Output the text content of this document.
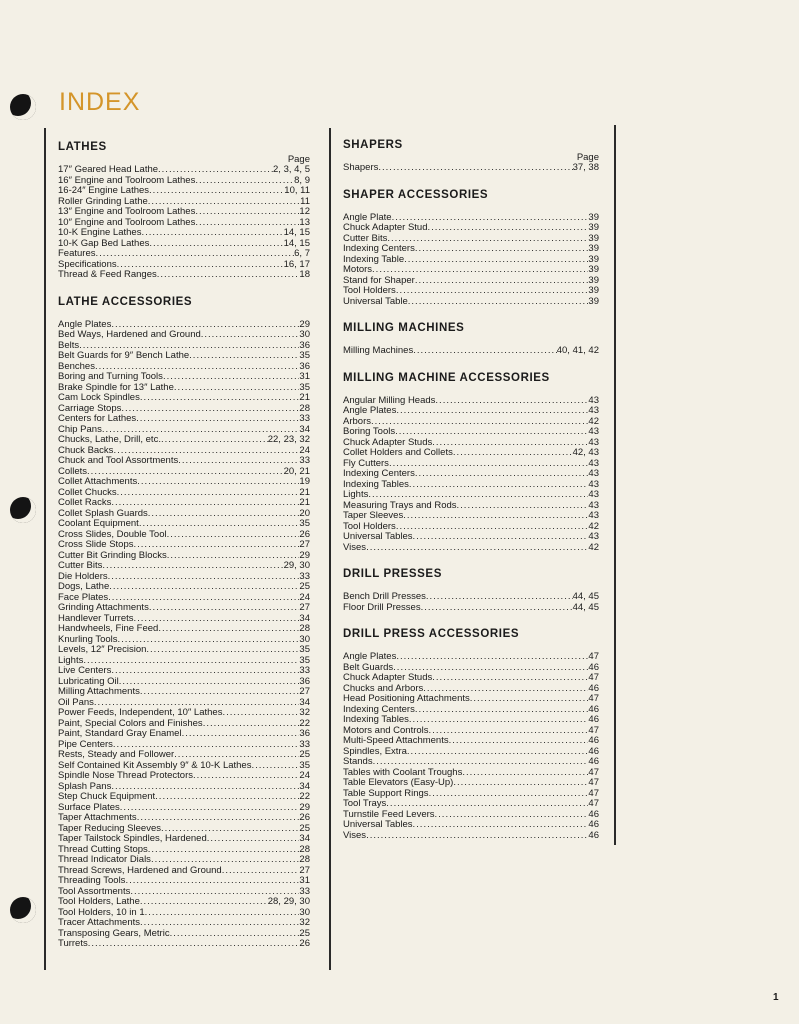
INDEX
LATHES
Page
17″ Geared Head Lathe .....	2, 3, 4, 5
16″ Engine and Toolroom Lathes .....	8, 9
16-24″ Engine Lathes .....	10, 11
Roller Grinding Lathe .....	11
13″ Engine and Toolroom Lathes .....	12
10″ Engine and Toolroom Lathes .....	13
10-K Engine Lathes .....	14, 15
10-K Gap Bed Lathes .....	14, 15
Features .....	6, 7
Specifications .....	16, 17
Thread & Feed Ranges .....	18
LATHE ACCESSORIES
Angle Plates .....	29
Bed Ways, Hardened and Ground .....	30
Belts .....	36
Belt Guards for 9″ Bench Lathe .....	35
Benches .....	36
Boring and Turning Tools .....	31
Brake Spindle for 13″ Lathe .....	35
Cam Lock Spindles .....	21
Carriage Stops .....	28
Centers for Lathes .....	33
Chip Pans .....	34
Chucks, Lathe, Drill, etc. .....	22, 23, 32
Chuck Backs .....	24
Chuck and Tool Assortments .....	33
Collets .....	20, 21
Collet Attachments .....	19
Collet Chucks .....	21
Collet Racks .....	21
Collet Splash Guards .....	20
Coolant Equipment .....	35
Cross Slides, Double Tool .....	26
Cross Slide Stops .....	27
Cutter Bit Grinding Blocks .....	29
Cutter Bits .....	29, 30
Die Holders .....	33
Dogs, Lathe .....	25
Face Plates .....	24
Grinding Attachments .....	27
Handlever Turrets .....	34
Handwheels, Fine Feed .....	28
Knurling Tools .....	30
Levels, 12″ Precision .....	35
Lights .....	35
Live Centers .....	33
Lubricating Oil .....	36
Milling Attachments .....	27
Oil Pans .....	34
Power Feeds, Independent, 10″ Lathes .....	32
Paint, Special Colors and Finishes .....	22
Paint, Standard Gray Enamel .....	36
Pipe Centers .....	33
Rests, Steady and Follower .....	25
Self Contained Kit Assembly 9″ & 10-K Lathes .....	35
Spindle Nose Thread Protectors .....	24
Splash Pans .....	34
Step Chuck Equipment .....	22
Surface Plates .....	29
Taper Attachments .....	26
Taper Reducing Sleeves .....	25
Taper Tailstock Spindles, Hardened .....	34
Thread Cutting Stops .....	28
Thread Indicator Dials .....	28
Thread Screws, Hardened and Ground .....	27
Threading Tools .....	31
Tool Assortments .....	33
Tool Holders, Lathe .....	28, 29, 30
Tool Holders, 10 in 1 .....	30
Tracer Attachments .....	32
Transposing Gears, Metric .....	25
Turrets .....	26
SHAPERS
Page
Shapers .....	37, 38
SHAPER ACCESSORIES
Angle Plate .....	39
Chuck Adapter Stud .....	39
Cutter Bits .....	39
Indexing Centers .....	39
Indexing Table .....	39
Motors .....	39
Stand for Shaper .....	39
Tool Holders .....	39
Universal Table .....	39
MILLING MACHINES
Milling Machines .....	40, 41, 42
MILLING MACHINE ACCESSORIES
Angular Milling Heads .....	43
Angle Plates .....	43
Arbors .....	42
Boring Tools .....	43
Chuck Adapter Studs .....	43
Collet Holders and Collets .....	42, 43
Fly Cutters .....	43
Indexing Centers .....	43
Indexing Tables .....	43
Lights .....	43
Measuring Trays and Rods .....	43
Taper Sleeves .....	43
Tool Holders .....	42
Universal Tables .....	43
Vises .....	42
DRILL PRESSES
Bench Drill Presses .....	44, 45
Floor Drill Presses .....	44, 45
DRILL PRESS ACCESSORIES
Angle Plates .....	47
Belt Guards .....	46
Chuck Adapter Studs .....	47
Chucks and Arbors .....	46
Head Positioning Attachments .....	47
Indexing Centers .....	46
Indexing Tables .....	46
Motors and Controls .....	47
Multi-Speed Attachments .....	46
Spindles, Extra .....	46
Stands .....	46
Tables with Coolant Troughs .....	47
Table Elevators (Easy-Up) .....	47
Table Support Rings .....	47
Tool Trays .....	47
Turnstile Feed Levers .....	46
Universal Tables .....	46
Vises .....	46
1
